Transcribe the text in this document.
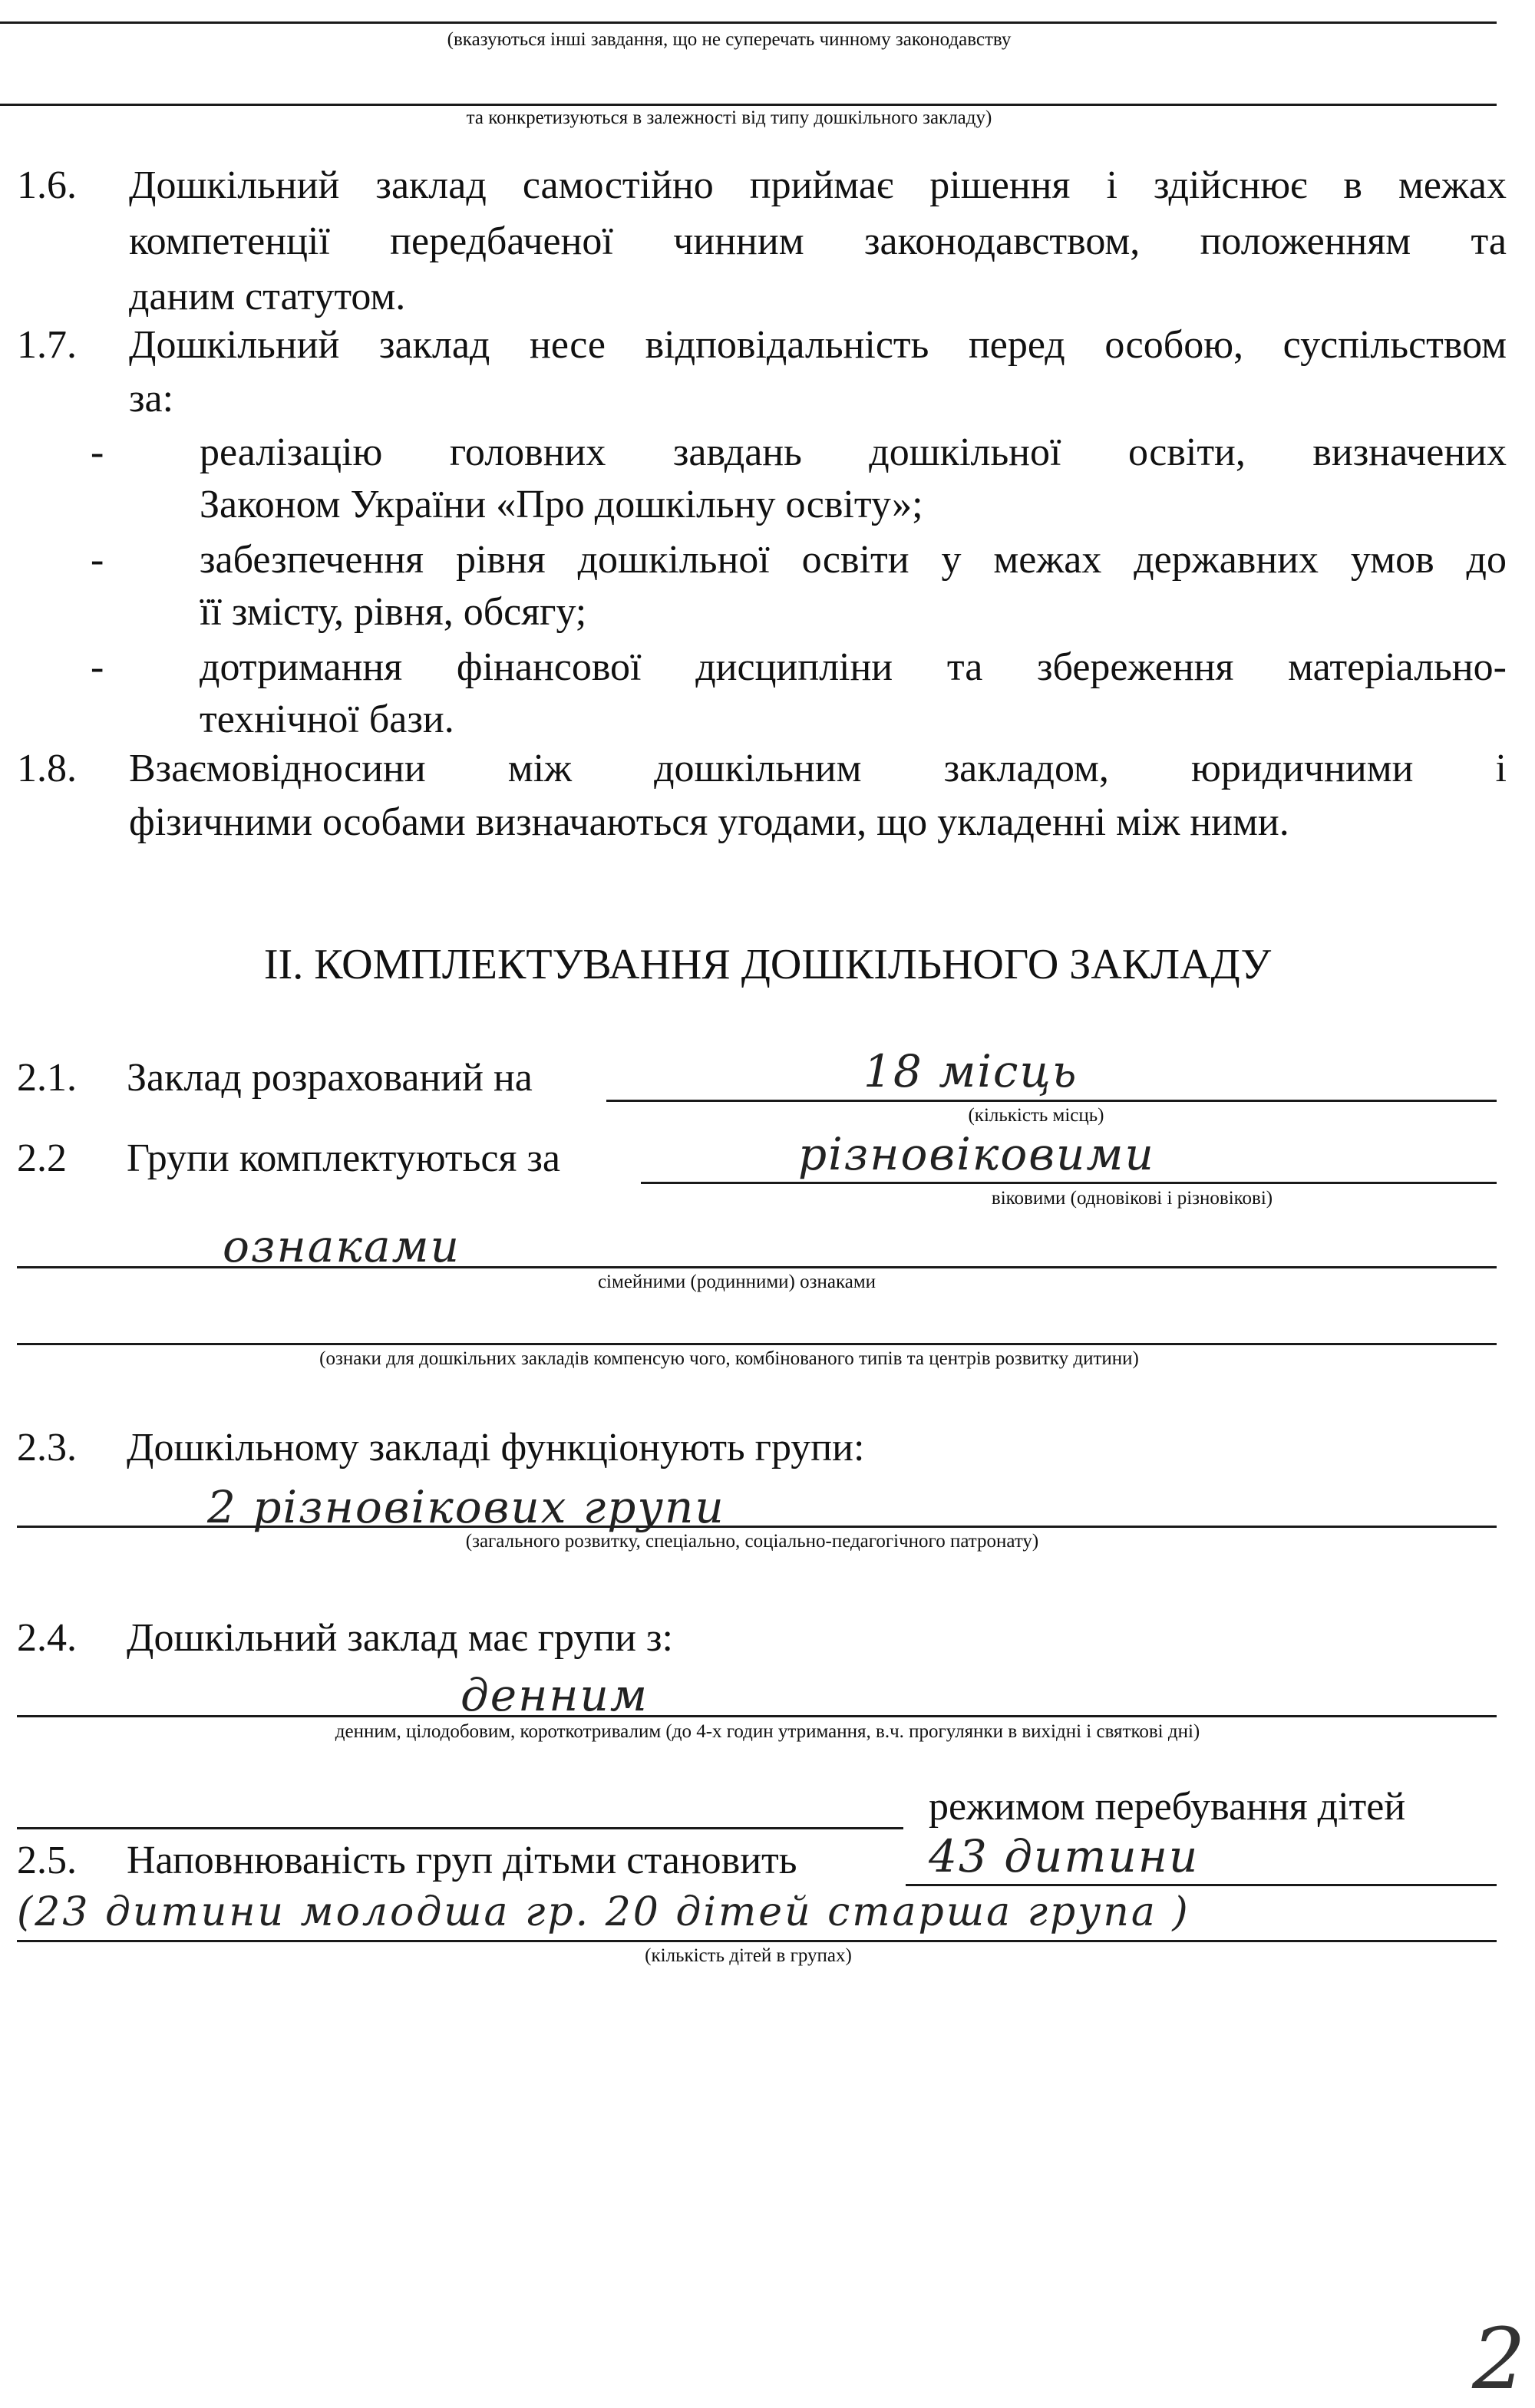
(вказуються інші завдання, що не суперечать чинному законодавству
та конкретизуються в залежності від типу дошкільного закладу)
1.6. Дошкільний заклад самостійно приймає рішення і здійснює в межах
компетенції передбаченої чинним законодавством, положенням та
даним статутом.
1.7. Дошкільний заклад несе відповідальність перед особою, суспільством
за:
- реалізацію головних завдань дошкільної освіти, визначених
Законом України «Про дошкільну освіту»;
- забезпечення рівня дошкільної освіти у межах державних умов до
її змісту, рівня, обсягу;
- дотримання фінансової дисципліни та збереження матеріально-
технічної бази.
1.8. Взаємовідносини між дошкільним закладом, юридичними і
фізичними особами визначаються угодами, що укладенні між ними.
ІІ. КОМПЛЕКТУВАННЯ ДОШКІЛЬНОГО ЗАКЛАДУ
2.1. Заклад розрахований на	18 місць
(кількість місць)
2.2 Групи комплектуються за	різновіковими
віковими (одновікові і різновікові)
ознаками
сімейними (родинними) ознаками
(ознаки для дошкільних закладів компенсую чого, комбінованого типів та центрів розвитку дитини)
2.3. Дошкільному закладі функціонують групи:
2 різновікових групи
(загального розвитку, спеціально, соціально-педагогічного патронату)
2.4. Дошкільний заклад має групи з:
денним
денним, цілодобовим, короткотривалим (до 4-х годин утримання, в.ч. прогулянки в вихідні і святкові дні)
режимом перебування дітей
2.5. Наповнюваність груп дітьми становить	43 дитини
(23 дитини молодша гр. 20 дітей старша група )
(кількість дітей в групах)
2
